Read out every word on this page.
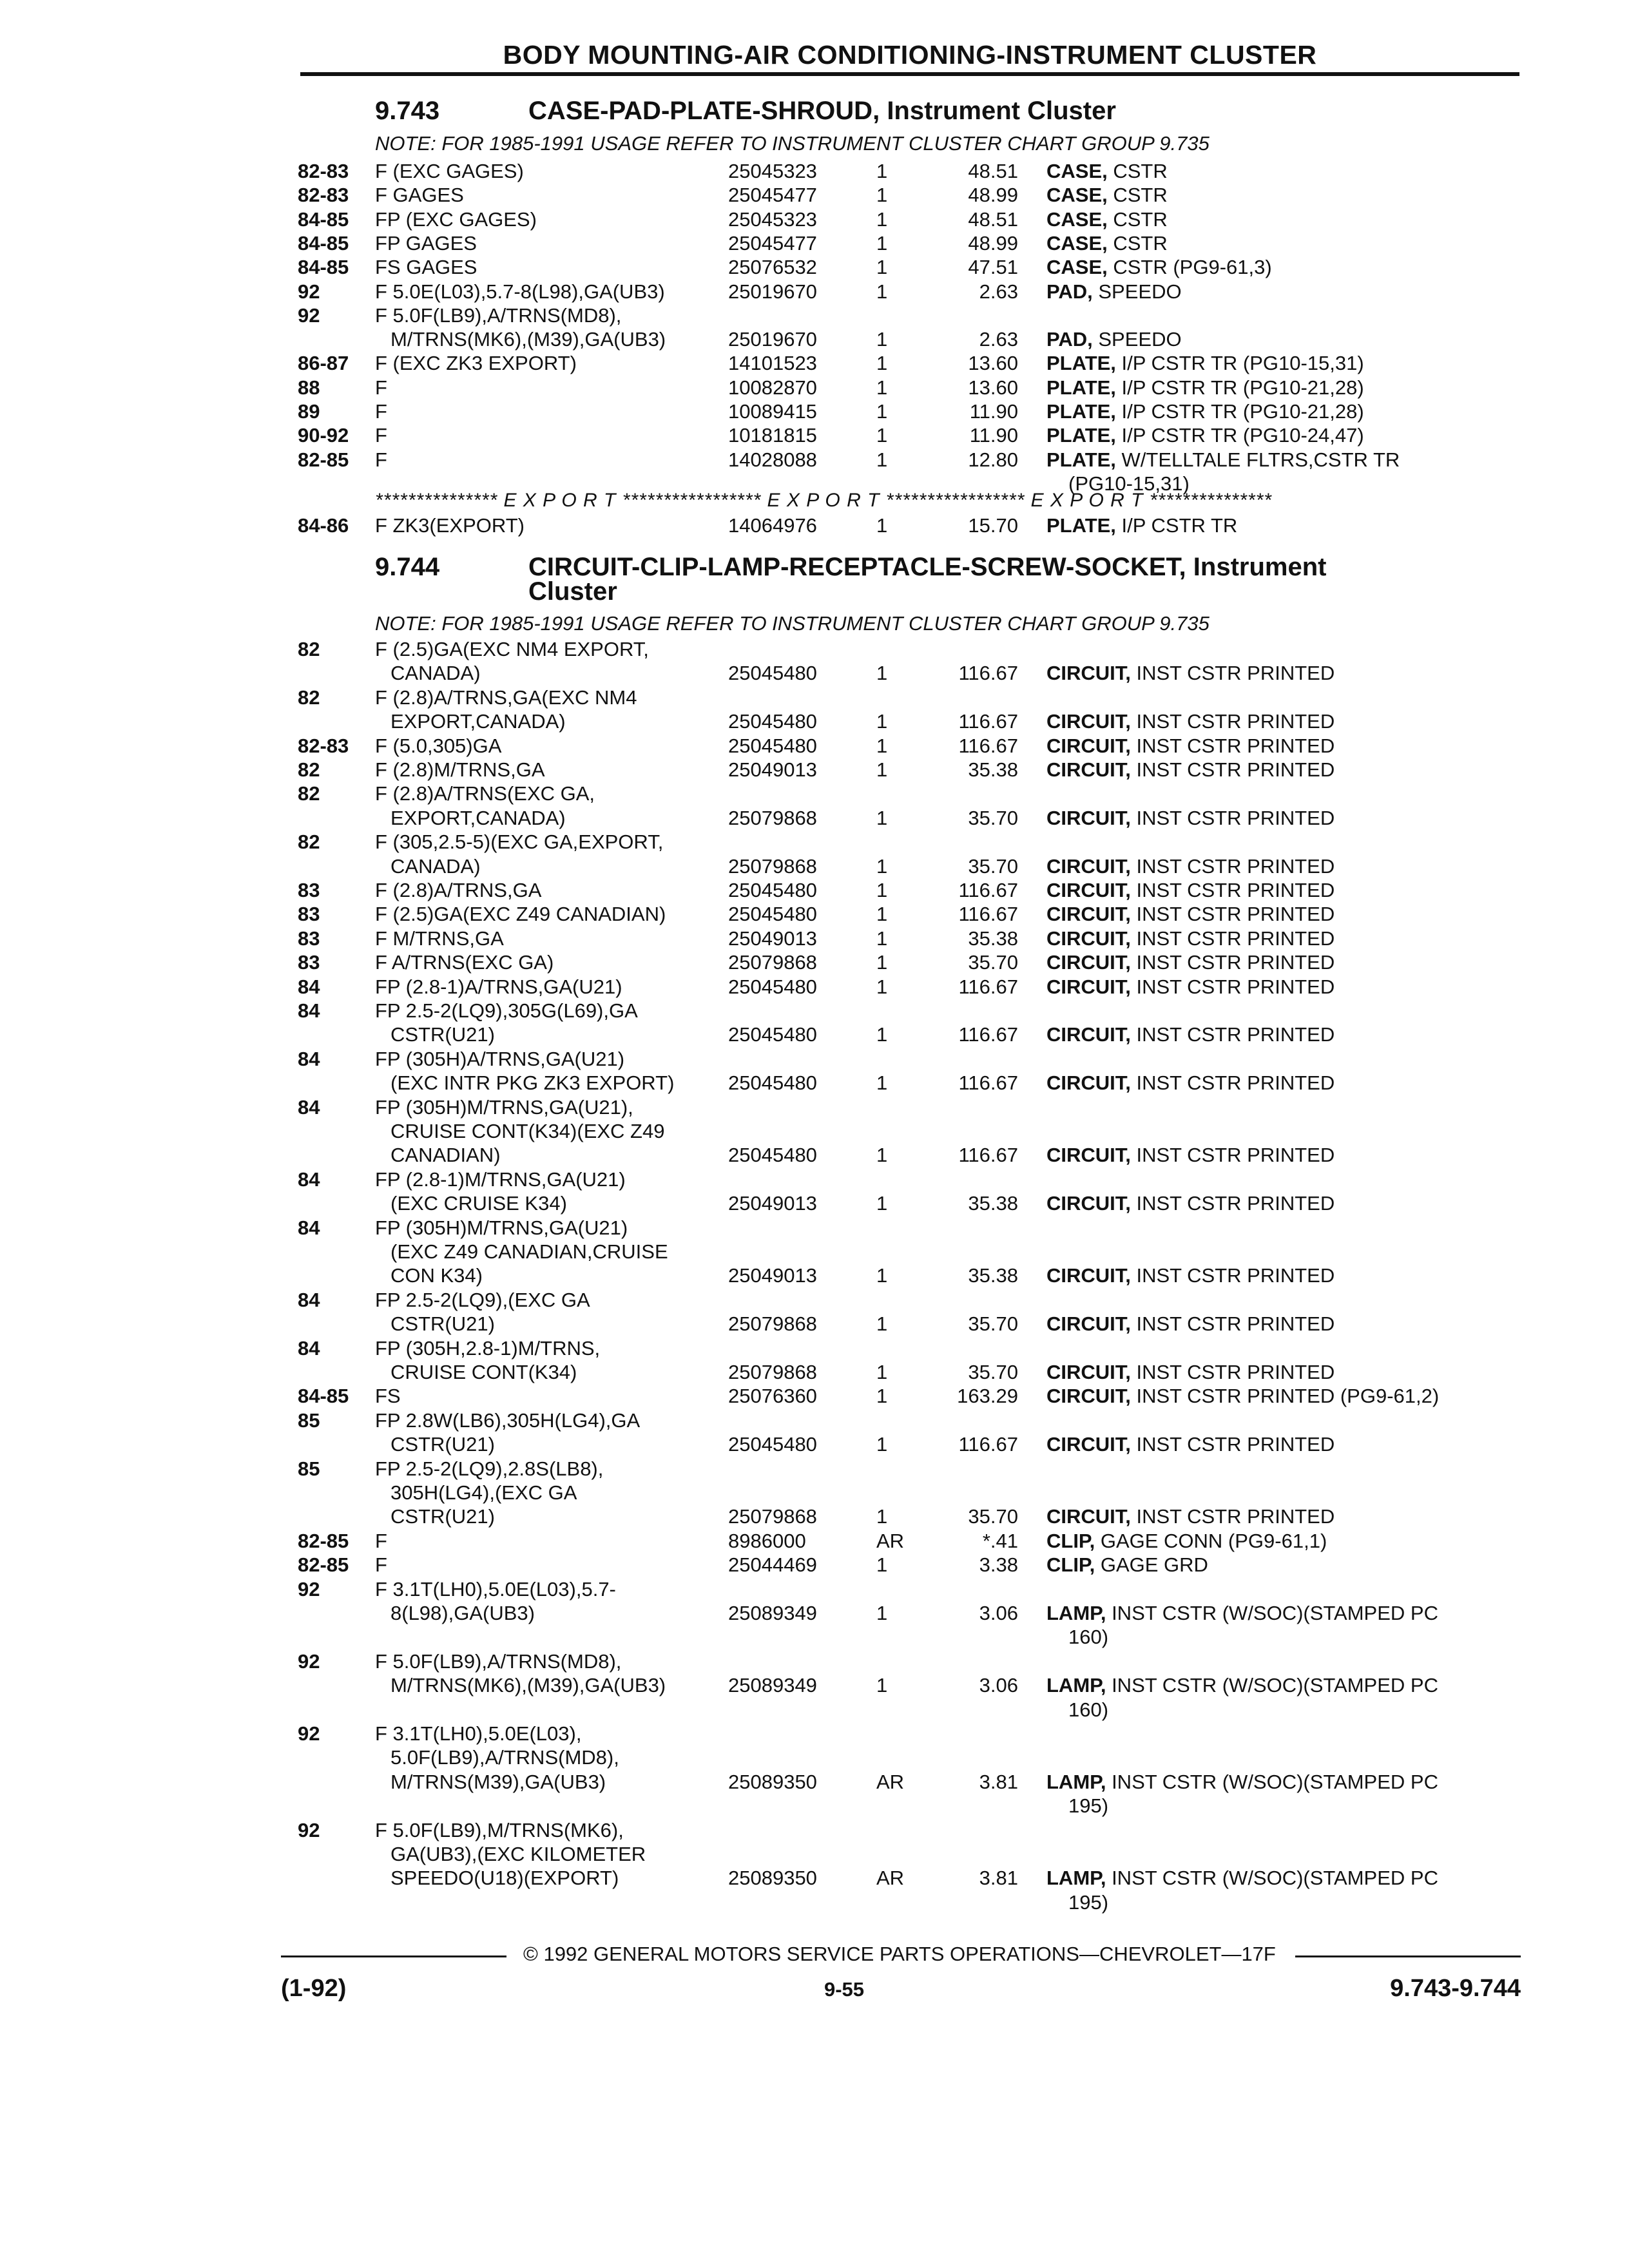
BODY MOUNTING-AIR CONDITIONING-INSTRUMENT CLUSTER
9.743	CASE-PAD-PLATE-SHROUD, Instrument Cluster
NOTE: FOR 1985-1991 USAGE REFER TO INSTRUMENT CLUSTER CHART GROUP 9.735
82-83 F (EXC GAGES)	25045323	1	48.51 CASE, CSTR
82-83 F GAGES	25045477	1	48.99 CASE, CSTR
84-85 FP (EXC GAGES)	25045323	1	48.51 CASE, CSTR
84-85 FP GAGES	25045477	1	48.99 CASE, CSTR
84-85 FS GAGES	25076532	1	47.51 CASE, CSTR (PG9-61,3)
92	F 5.0E(L03),5.7-8(L98),GA(UB3)	25019670	1	2.63 PAD, SPEEDO
92	F 5.0F(LB9),A/TRNS(MD8),
M/TRNS(MK6),(M39),GA(UB3)	25019670	1	2.63 PAD, SPEEDO
86-87 F (EXC ZK3 EXPORT)	14101523	1	13.60 PLATE, I/P CSTR TR (PG10-15,31)
88	F	10082870	1	13.60 PLATE, I/P CSTR TR (PG10-21,28)
89	F	10089415	1	11.90 PLATE, I/P CSTR TR (PG10-21,28)
90-92 F	10181815	1	11.90 PLATE, I/P CSTR TR (PG10-24,47)
82-85 F	14028088	1	12.80 PLATE, W/TELLTALE FLTRS,CSTR TR
(PG10-15,31)
*************** E X P O R T ***************** E X P O R T ***************** E X P O R T ***************
84-86 F ZK3(EXPORT)	14064976	1	15.70 PLATE, I/P CSTR TR
9.744	CIRCUIT-CLIP-LAMP-RECEPTACLE-SCREW-SOCKET, Instrument
Cluster
NOTE: FOR 1985-1991 USAGE REFER TO INSTRUMENT CLUSTER CHART GROUP 9.735
82	F (2.5)GA(EXC NM4 EXPORT,
CANADA)	25045480	1	116.67 CIRCUIT, INST CSTR PRINTED
82	F (2.8)A/TRNS,GA(EXC NM4
EXPORT,CANADA)	25045480	1	116.67 CIRCUIT, INST CSTR PRINTED
82-83 F (5.0,305)GA	25045480	1	116.67 CIRCUIT, INST CSTR PRINTED
82	F (2.8)M/TRNS,GA	25049013	1	35.38 CIRCUIT, INST CSTR PRINTED
82	F (2.8)A/TRNS(EXC GA,
EXPORT,CANADA)	25079868	1	35.70 CIRCUIT, INST CSTR PRINTED
82	F (305,2.5-5)(EXC GA,EXPORT,
CANADA)	25079868	1	35.70 CIRCUIT, INST CSTR PRINTED
83	F (2.8)A/TRNS,GA	25045480	1	116.67 CIRCUIT, INST CSTR PRINTED
83	F (2.5)GA(EXC Z49 CANADIAN)	25045480	1	116.67 CIRCUIT, INST CSTR PRINTED
83	F M/TRNS,GA	25049013	1	35.38 CIRCUIT, INST CSTR PRINTED
83	F A/TRNS(EXC GA)	25079868	1	35.70 CIRCUIT, INST CSTR PRINTED
84	FP (2.8-1)A/TRNS,GA(U21)	25045480	1	116.67 CIRCUIT, INST CSTR PRINTED
84	FP 2.5-2(LQ9),305G(L69),GA
CSTR(U21)	25045480	1	116.67 CIRCUIT, INST CSTR PRINTED
84	FP (305H)A/TRNS,GA(U21)
(EXC INTR PKG ZK3 EXPORT)	25045480	1	116.67 CIRCUIT, INST CSTR PRINTED
84	FP (305H)M/TRNS,GA(U21),
CRUISE CONT(K34)(EXC Z49
CANADIAN)	25045480	1	116.67 CIRCUIT, INST CSTR PRINTED
84	FP (2.8-1)M/TRNS,GA(U21)
(EXC CRUISE K34)	25049013	1	35.38 CIRCUIT, INST CSTR PRINTED
84	FP (305H)M/TRNS,GA(U21)
(EXC Z49 CANADIAN,CRUISE
CON K34)	25049013	1	35.38 CIRCUIT, INST CSTR PRINTED
84	FP 2.5-2(LQ9),(EXC GA
CSTR(U21)	25079868	1	35.70 CIRCUIT, INST CSTR PRINTED
84	FP (305H,2.8-1)M/TRNS,
CRUISE CONT(K34)	25079868	1	35.70 CIRCUIT, INST CSTR PRINTED
84-85 FS	25076360	1	163.29 CIRCUIT, INST CSTR PRINTED (PG9-61,2)
85	FP 2.8W(LB6),305H(LG4),GA
CSTR(U21)	25045480	1	116.67 CIRCUIT, INST CSTR PRINTED
85	FP 2.5-2(LQ9),2.8S(LB8),
305H(LG4),(EXC GA
CSTR(U21)	25079868	1	35.70 CIRCUIT, INST CSTR PRINTED
82-85 F	8986000	AR	*.41 CLIP, GAGE CONN (PG9-61,1)
82-85 F	25044469	1	3.38 CLIP, GAGE GRD
92	F 3.1T(LH0),5.0E(L03),5.7-
8(L98),GA(UB3)	25089349	1	3.06 LAMP, INST CSTR (W/SOC)(STAMPED PC
160)
92	F 5.0F(LB9),A/TRNS(MD8),
M/TRNS(MK6),(M39),GA(UB3)	25089349	1	3.06 LAMP, INST CSTR (W/SOC)(STAMPED PC
160)
92	F 3.1T(LH0),5.0E(L03),
5.0F(LB9),A/TRNS(MD8),
M/TRNS(M39),GA(UB3)	25089350	AR	3.81 LAMP, INST CSTR (W/SOC)(STAMPED PC
195)
92	F 5.0F(LB9),M/TRNS(MK6),
GA(UB3),(EXC KILOMETER
SPEEDO(U18)(EXPORT)	25089350	AR	3.81 LAMP, INST CSTR (W/SOC)(STAMPED PC
195)
© 1992 GENERAL MOTORS SERVICE PARTS OPERATIONS—CHEVROLET—17F
(1-92)	9-55	9.743-9.744
